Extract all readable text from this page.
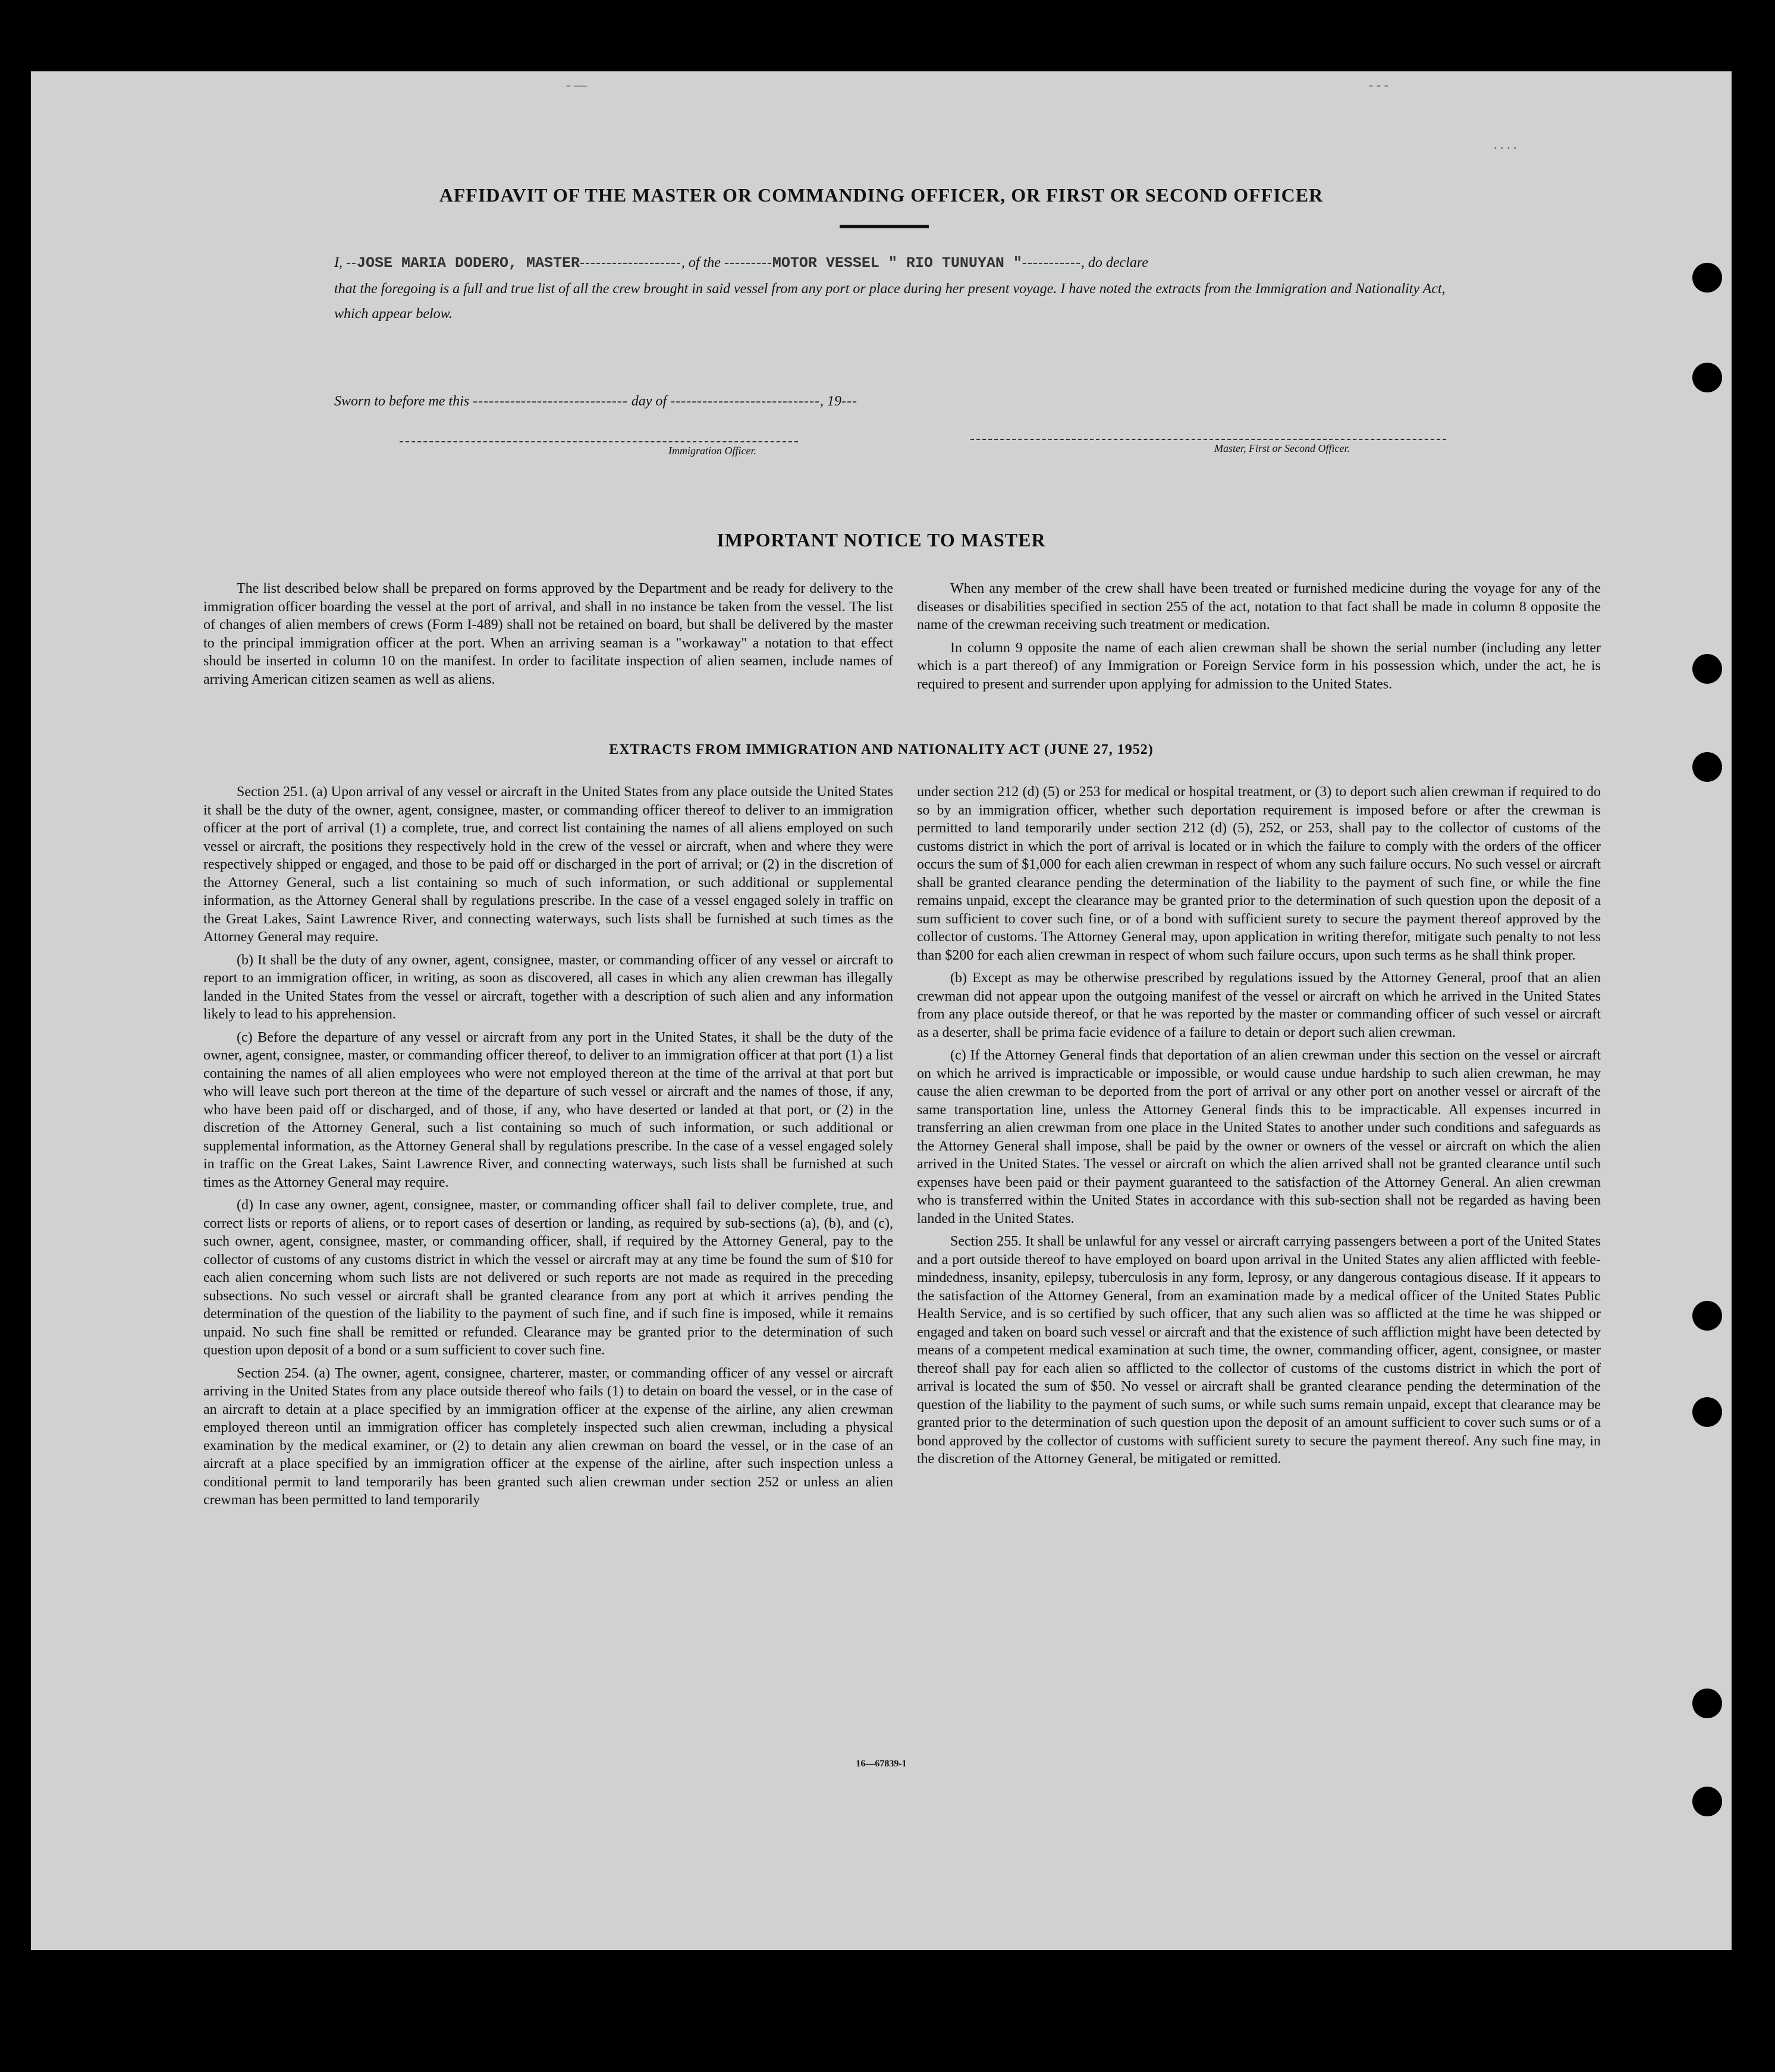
- —	- - -
. . . .
AFFIDAVIT OF THE MASTER OR COMMANDING OFFICER, OR FIRST OR SECOND OFFICER
I, --JOSE MARIA DODERO, MASTER-------------------, of the ---------MOTOR VESSEL " RIO TUNUYAN "-----------, do declare
that the foregoing is a full and true list of all the crew brought in said vessel from any port or place during her present voyage. I have noted the extracts from the Immigration and Nationality Act, which appear below.
Master, First or Second Officer.
Sworn to before me this ----------------------------- day of ----------------------------, 19---
Immigration Officer.
IMPORTANT NOTICE TO MASTER

The list described below shall be prepared on forms approved by the Department and be ready for delivery to the immigration officer boarding the vessel at the port of arrival, and shall in no instance be taken from the vessel. The list of changes of alien members of crews (Form I-489) shall not be retained on board, but shall be delivered by the master to the principal immigration officer at the port. When an arriving seaman is a "workaway" a notation to that effect should be inserted in column 10 on the manifest. In order to facilitate inspection of alien seamen, include names of arriving American citizen seamen as well as aliens.

When any member of the crew shall have been treated or furnished medicine during the voyage for any of the diseases or disabilities specified in section 255 of the act, notation to that fact shall be made in column 8 opposite the name of the crewman receiving such treatment or medication.

In column 9 opposite the name of each alien crewman shall be shown the serial number (including any letter which is a part thereof) of any Immigration or Foreign Service form in his possession which, under the act, he is required to present and surrender upon applying for admission to the United States.

EXTRACTS FROM IMMIGRATION AND NATIONALITY ACT (JUNE 27, 1952)

Section 251. (a) Upon arrival of any vessel or aircraft in the United States from any place outside the United States it shall be the duty of the owner, agent, consignee, master, or commanding officer thereof to deliver to an immigration officer at the port of arrival (1) a complete, true, and correct list containing the names of all aliens employed on such vessel or aircraft, the positions they respectively hold in the crew of the vessel or aircraft, when and where they were respectively shipped or engaged, and those to be paid off or discharged in the port of arrival; or (2) in the discretion of the Attorney General, such a list containing so much of such information, or such additional or supplemental information, as the Attorney General shall by regulations prescribe. In the case of a vessel engaged solely in traffic on the Great Lakes, Saint Lawrence River, and connecting waterways, such lists shall be furnished at such times as the Attorney General may require.

(b) It shall be the duty of any owner, agent, consignee, master, or commanding officer of any vessel or aircraft to report to an immigration officer, in writing, as soon as discovered, all cases in which any alien crewman has illegally landed in the United States from the vessel or aircraft, together with a description of such alien and any information likely to lead to his apprehension.

(c) Before the departure of any vessel or aircraft from any port in the United States, it shall be the duty of the owner, agent, consignee, master, or commanding officer thereof, to deliver to an immigration officer at that port (1) a list containing the names of all alien employees who were not employed thereon at the time of the arrival at that port but who will leave such port thereon at the time of the departure of such vessel or aircraft and the names of those, if any, who have been paid off or discharged, and of those, if any, who have deserted or landed at that port, or (2) in the discretion of the Attorney General, such a list containing so much of such information, or such additional or supplemental information, as the Attorney General shall by regulations prescribe. In the case of a vessel engaged solely in traffic on the Great Lakes, Saint Lawrence River, and connecting waterways, such lists shall be furnished at such times as the Attorney General may require.

(d) In case any owner, agent, consignee, master, or commanding officer shall fail to deliver complete, true, and correct lists or reports of aliens, or to report cases of desertion or landing, as required by sub-sections (a), (b), and (c), such owner, agent, consignee, master, or commanding officer, shall, if required by the Attorney General, pay to the collector of customs of any customs district in which the vessel or aircraft may at any time be found the sum of $10 for each alien concerning whom such lists are not delivered or such reports are not made as required in the preceding subsections. No such vessel or aircraft shall be granted clearance from any port at which it arrives pending the determination of the question of the liability to the payment of such fine, and if such fine is imposed, while it remains unpaid. No such fine shall be remitted or refunded. Clearance may be granted prior to the determination of such question upon deposit of a bond or a sum sufficient to cover such fine.

Section 254. (a) The owner, agent, consignee, charterer, master, or commanding officer of any vessel or aircraft arriving in the United States from any place outside thereof who fails (1) to detain on board the vessel, or in the case of an aircraft to detain at a place specified by an immigration officer at the expense of the airline, any alien crewman employed thereon until an immigration officer has completely inspected such alien crewman, including a physical examination by the medical examiner, or (2) to detain any alien crewman on board the vessel, or in the case of an aircraft at a place specified by an immigration officer at the expense of the airline, after such inspection unless a conditional permit to land temporarily has been granted such alien crewman under section 252 or unless an alien crewman has been permitted to land temporarily

under section 212 (d) (5) or 253 for medical or hospital treatment, or (3) to deport such alien crewman if required to do so by an immigration officer, whether such deportation requirement is imposed before or after the crewman is permitted to land temporarily under section 212 (d) (5), 252, or 253, shall pay to the collector of customs of the customs district in which the port of arrival is located or in which the failure to comply with the orders of the officer occurs the sum of $1,000 for each alien crewman in respect of whom any such failure occurs. No such vessel or aircraft shall be granted clearance pending the determination of the liability to the payment of such fine, or while the fine remains unpaid, except the clearance may be granted prior to the determination of such question upon the deposit of a sum sufficient to cover such fine, or of a bond with sufficient surety to secure the payment thereof approved by the collector of customs. The Attorney General may, upon application in writing therefor, mitigate such penalty to not less than $200 for each alien crewman in respect of whom such failure occurs, upon such terms as he shall think proper.

(b) Except as may be otherwise prescribed by regulations issued by the Attorney General, proof that an alien crewman did not appear upon the outgoing manifest of the vessel or aircraft on which he arrived in the United States from any place outside thereof, or that he was reported by the master or commanding officer of such vessel or aircraft as a deserter, shall be prima facie evidence of a failure to detain or deport such alien crewman.

(c) If the Attorney General finds that deportation of an alien crewman under this section on the vessel or aircraft on which he arrived is impracticable or impossible, or would cause undue hardship to such alien crewman, he may cause the alien crewman to be deported from the port of arrival or any other port on another vessel or aircraft of the same transportation line, unless the Attorney General finds this to be impracticable. All expenses incurred in transferring an alien crewman from one place in the United States to another under such conditions and safeguards as the Attorney General shall impose, shall be paid by the owner or owners of the vessel or aircraft on which the alien arrived in the United States. The vessel or aircraft on which the alien arrived shall not be granted clearance until such expenses have been paid or their payment guaranteed to the satisfaction of the Attorney General. An alien crewman who is transferred within the United States in accordance with this sub-section shall not be regarded as having been landed in the United States.

Section 255. It shall be unlawful for any vessel or aircraft carrying passengers between a port of the United States and a port outside thereof to have employed on board upon arrival in the United States any alien afflicted with feeble-mindedness, insanity, epilepsy, tuberculosis in any form, leprosy, or any dangerous contagious disease. If it appears to the satisfaction of the Attorney General, from an examination made by a medical officer of the United States Public Health Service, and is so certified by such officer, that any such alien was so afflicted at the time he was shipped or engaged and taken on board such vessel or aircraft and that the existence of such affliction might have been detected by means of a competent medical examination at such time, the owner, commanding officer, agent, consignee, or master thereof shall pay for each alien so afflicted to the collector of customs of the customs district in which the port of arrival is located the sum of $50. No vessel or aircraft shall be granted clearance pending the determination of the question of the liability to the payment of such sums, or while such sums remain unpaid, except that clearance may be granted prior to the determination of such question upon the deposit of an amount sufficient to cover such sums or of a bond approved by the collector of customs with sufficient surety to secure the payment thereof. Any such fine may, in the discretion of the Attorney General, be mitigated or remitted.

16—67839-1
